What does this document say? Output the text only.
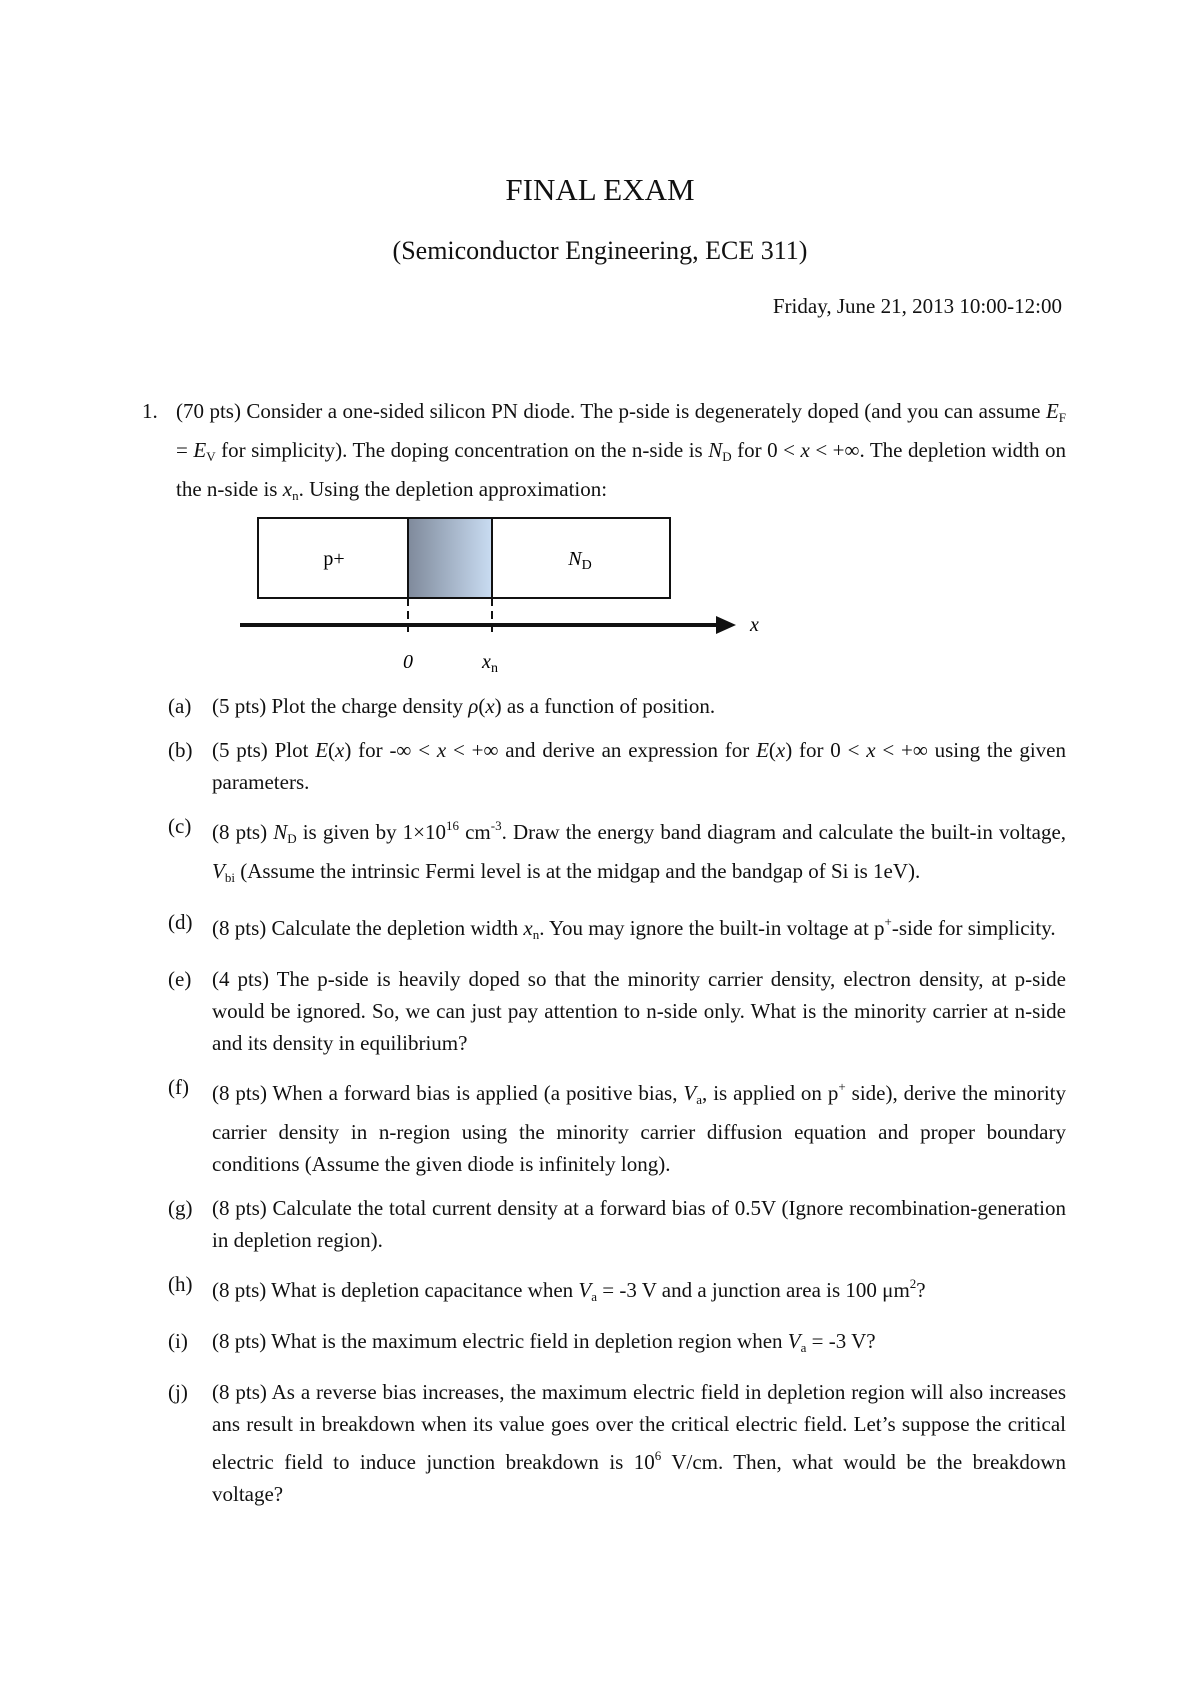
FINAL EXAM
(Semiconductor Engineering, ECE 311)
Friday, June 21, 2013 10:00-12:00
1. (70 pts) Consider a one-sided silicon PN diode. The p-side is degenerately doped (and you can assume $E_F = E_V$ for simplicity). The doping concentration on the n-side is $N_D$ for 0 < x < +∞. The depletion width on the n-side is $x_n$. Using the depletion approximation:
p+	$N_D$
x
0	$x_n$
(a) (5 pts) Plot the charge density ρ(x) as a function of position.
(b) (5 pts) Plot E(x) for -∞ < x < +∞ and derive an expression for E(x) for 0 < x < +∞ using the given parameters.
(c) (8 pts) $N_D$ is given by $1\times 10^{16}$ $cm^{-3}$. Draw the energy band diagram and calculate the built-in voltage, $V_{bi}$ (Assume the intrinsic Fermi level is at the midgap and the bandgap of Si is 1eV).
(d) (8 pts) Calculate the depletion width $x_n$. You may ignore the built-in voltage at p+-side for simplicity.
(e) (4 pts) The p-side is heavily doped so that the minority carrier density, electron density, at p-side would be ignored. So, we can just pay attention to n-side only. What is the minority carrier at n-side and its density in equilibrium?
(f)	(8 pts) When a forward bias is applied (a positive bias, $V_a$, is applied on p+ side), derive the minority carrier density in n-region using the minority carrier diffusion equation and proper boundary conditions (Assume the given diode is infinitely long).
(g) (8 pts) Calculate the total current density at a forward bias of 0.5V (Ignore recombination-generation in depletion region).
(h) (8 pts) What is depletion capacitance when $V_a = -3$ V and a junction area is 100 $\mu m^2$?
(i)	(8 pts) What is the maximum electric field in depletion region when $V_a = -3$ V?
(j)	(8 pts) As a reverse bias increases, the maximum electric field in depletion region will also increases ans result in breakdown when its value goes over the critical electric field. Let’s suppose the critical electric field to induce junction breakdown is $10^6$ V/cm. Then, what would be the breakdown voltage?
